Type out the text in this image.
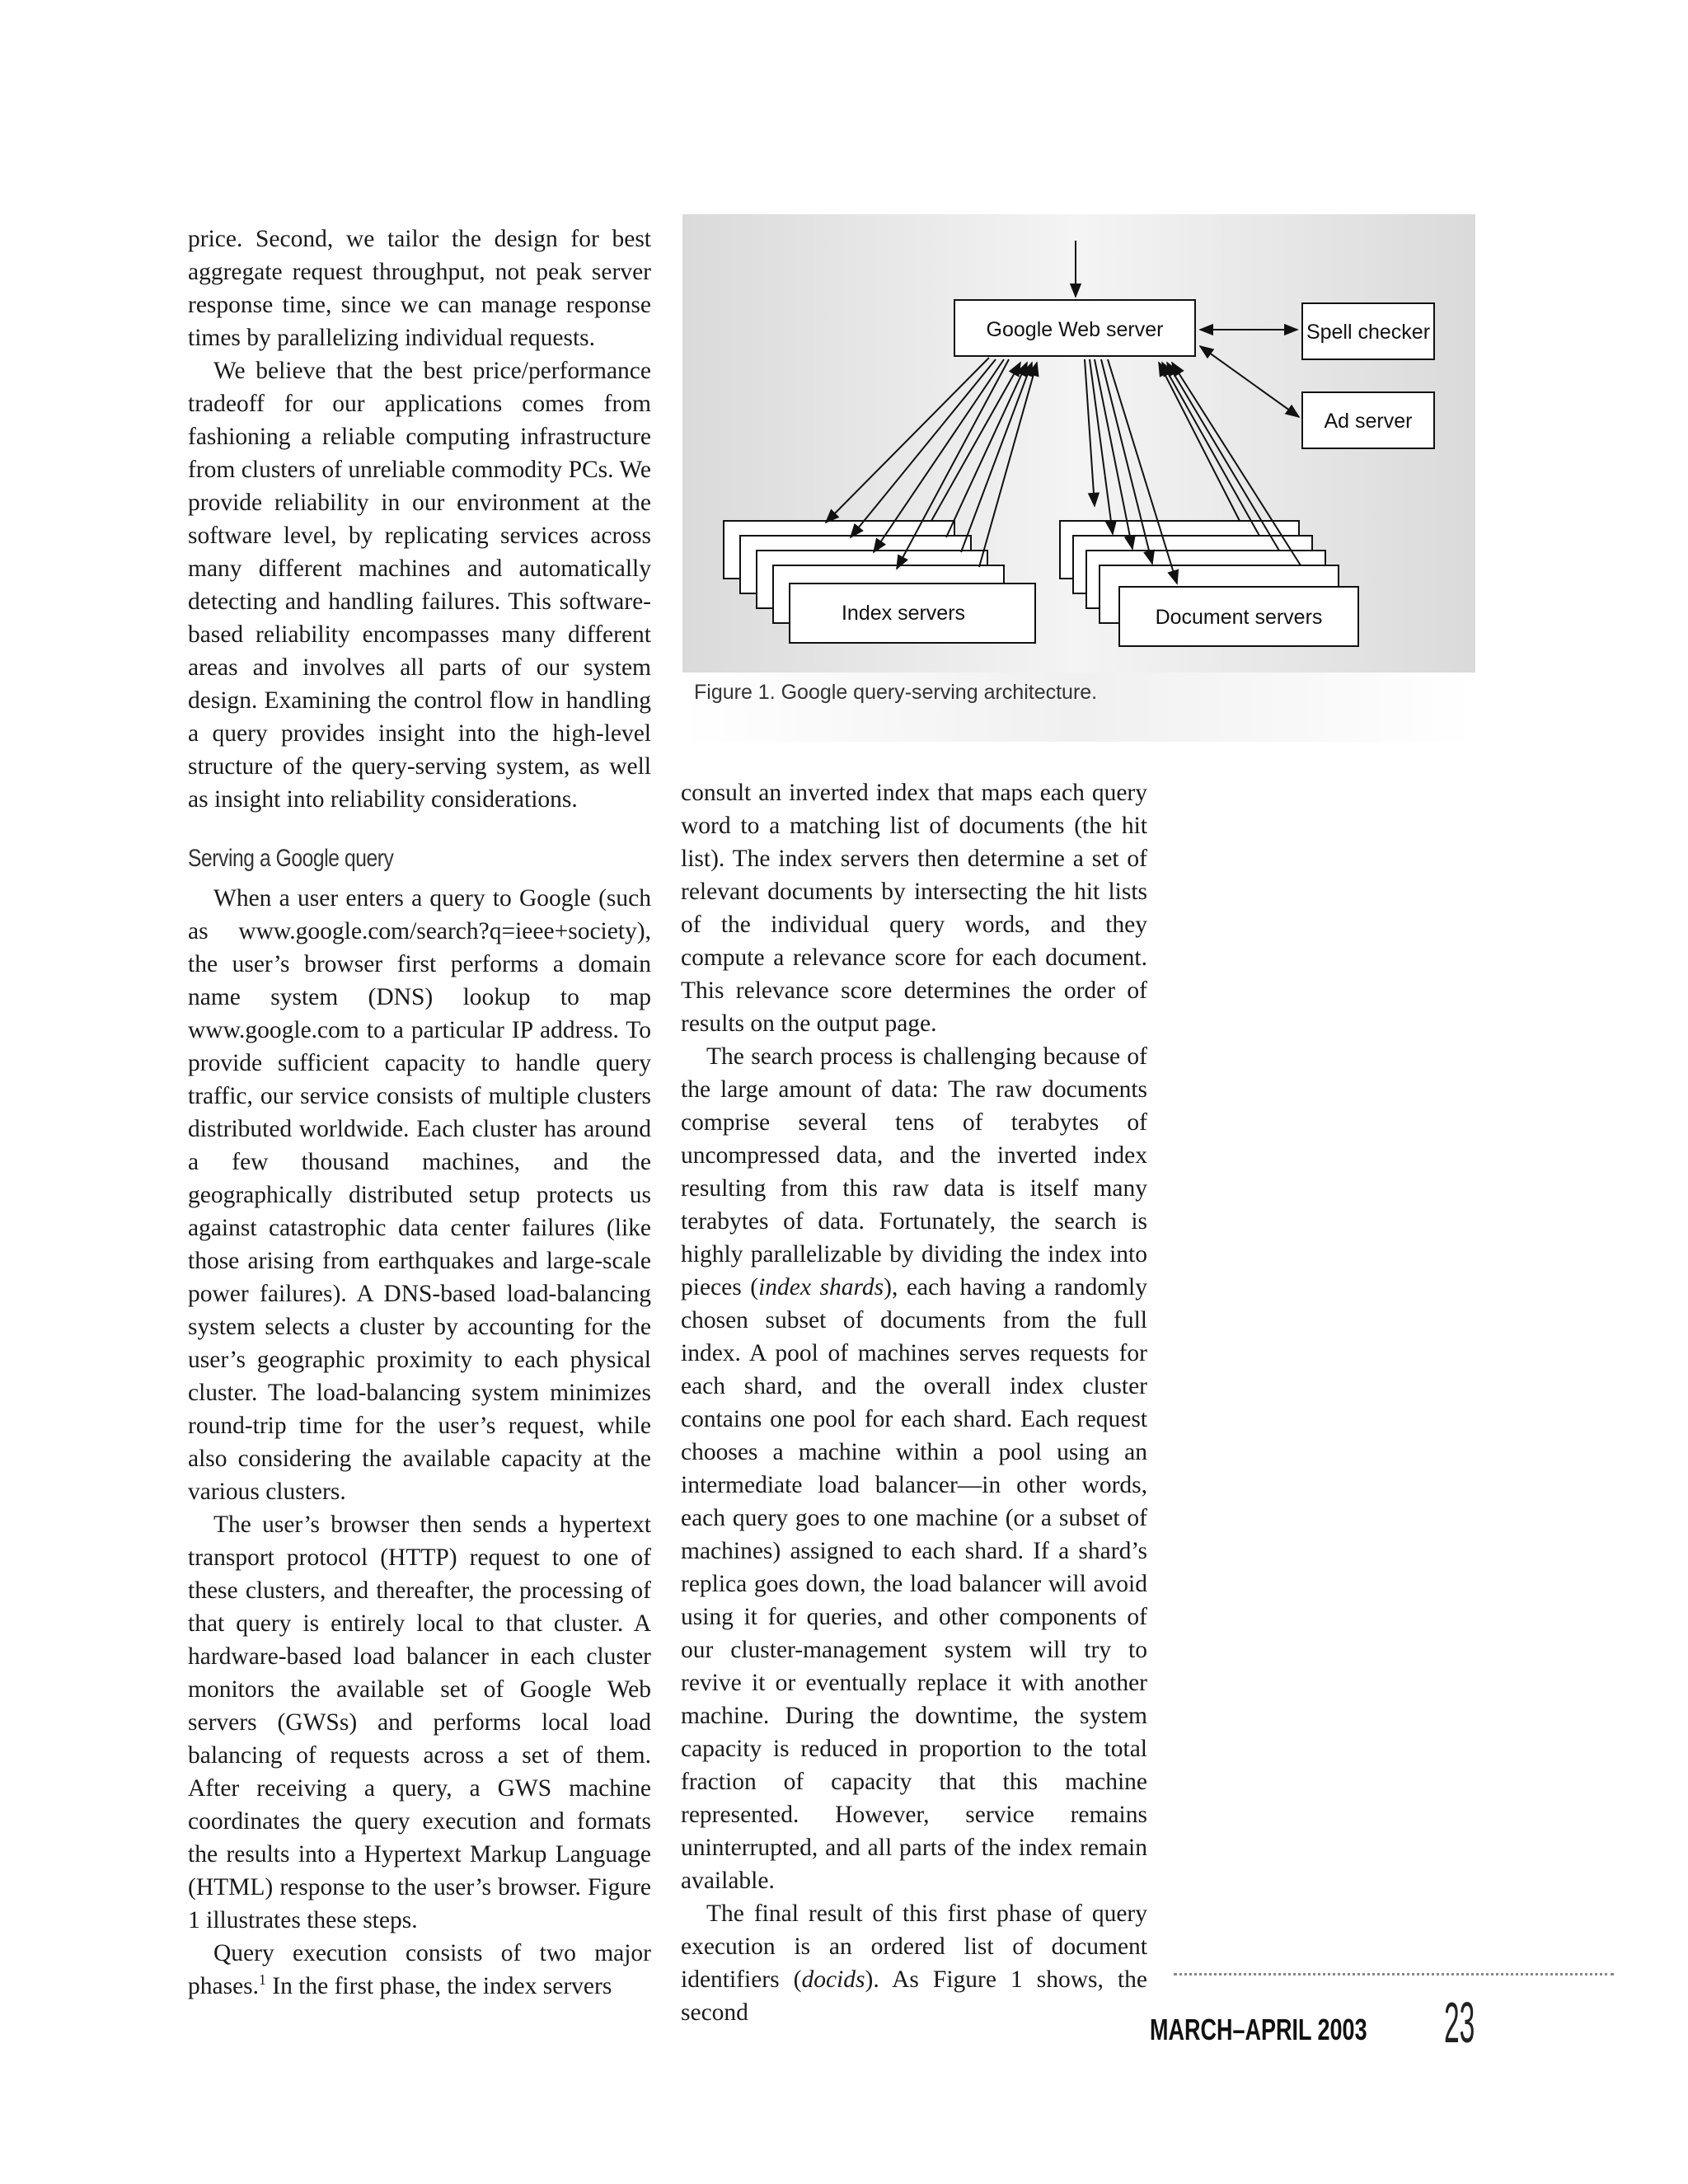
price. Second, we tailor the design for best aggregate request throughput, not peak server response time, since we can manage response times by parallelizing individual requests.

We believe that the best price/performance tradeoff for our applications comes from fashioning a reliable computing infrastructure from clusters of unreliable commodity PCs. We provide reliability in our environment at the software level, by replicating services across many different machines and automatically detecting and handling failures. This software-based reliability encompasses many different areas and involves all parts of our system design. Examining the control flow in handling a query provides insight into the high-level structure of the query-serving system, as well as insight into reliability considerations.

Serving a Google query

When a user enters a query to Google (such as www.google.com/search?q=ieee+society), the user’s browser first performs a domain name system (DNS) lookup to map www.google.com to a particular IP address. To provide sufficient capacity to handle query traffic, our service consists of multiple clusters distributed worldwide. Each cluster has around a few thousand machines, and the geographically distributed setup protects us against catastrophic data center failures (like those arising from earthquakes and large-scale power failures). A DNS-based load-balancing system selects a cluster by accounting for the user’s geographic proximity to each physical cluster. The load-balancing system minimizes round-trip time for the user’s request, while also considering the available capacity at the various clusters.

The user’s browser then sends a hypertext transport protocol (HTTP) request to one of these clusters, and thereafter, the processing of that query is entirely local to that cluster. A hardware-based load balancer in each cluster monitors the available set of Google Web servers (GWSs) and performs local load balancing of requests across a set of them. After receiving a query, a GWS machine coordinates the query execution and formats the results into a Hypertext Markup Language (HTML) response to the user’s browser. Figure 1 illustrates these steps.

Query execution consists of two major phases.$^1$ In the first phase, the index servers

Google Web server	Spell checker
Ad server
Index servers	Document servers
Figure 1. Google query-serving architecture.

consult an inverted index that maps each query word to a matching list of documents (the hit list). The index servers then determine a set of relevant documents by intersecting the hit lists of the individual query words, and they compute a relevance score for each document. This relevance score determines the order of results on the output page.

The search process is challenging because of the large amount of data: The raw documents comprise several tens of terabytes of uncompressed data, and the inverted index resulting from this raw data is itself many terabytes of data. Fortunately, the search is highly parallelizable by dividing the index into pieces (index shards), each having a randomly chosen subset of documents from the full index. A pool of machines serves requests for each shard, and the overall index cluster contains one pool for each shard. Each request chooses a machine within a pool using an intermediate load balancer—in other words, each query goes to one machine (or a subset of machines) assigned to each shard. If a shard’s replica goes down, the load balancer will avoid using it for queries, and other components of our cluster-management system will try to revive it or eventually replace it with another machine. During the downtime, the system capacity is reduced in proportion to the total fraction of capacity that this machine represented. However, service remains uninterrupted, and all parts of the index remain available.

The final result of this first phase of query execution is an ordered list of document identifiers (docids). As Figure 1 shows, the second	MARCH–APRIL 2003 23
